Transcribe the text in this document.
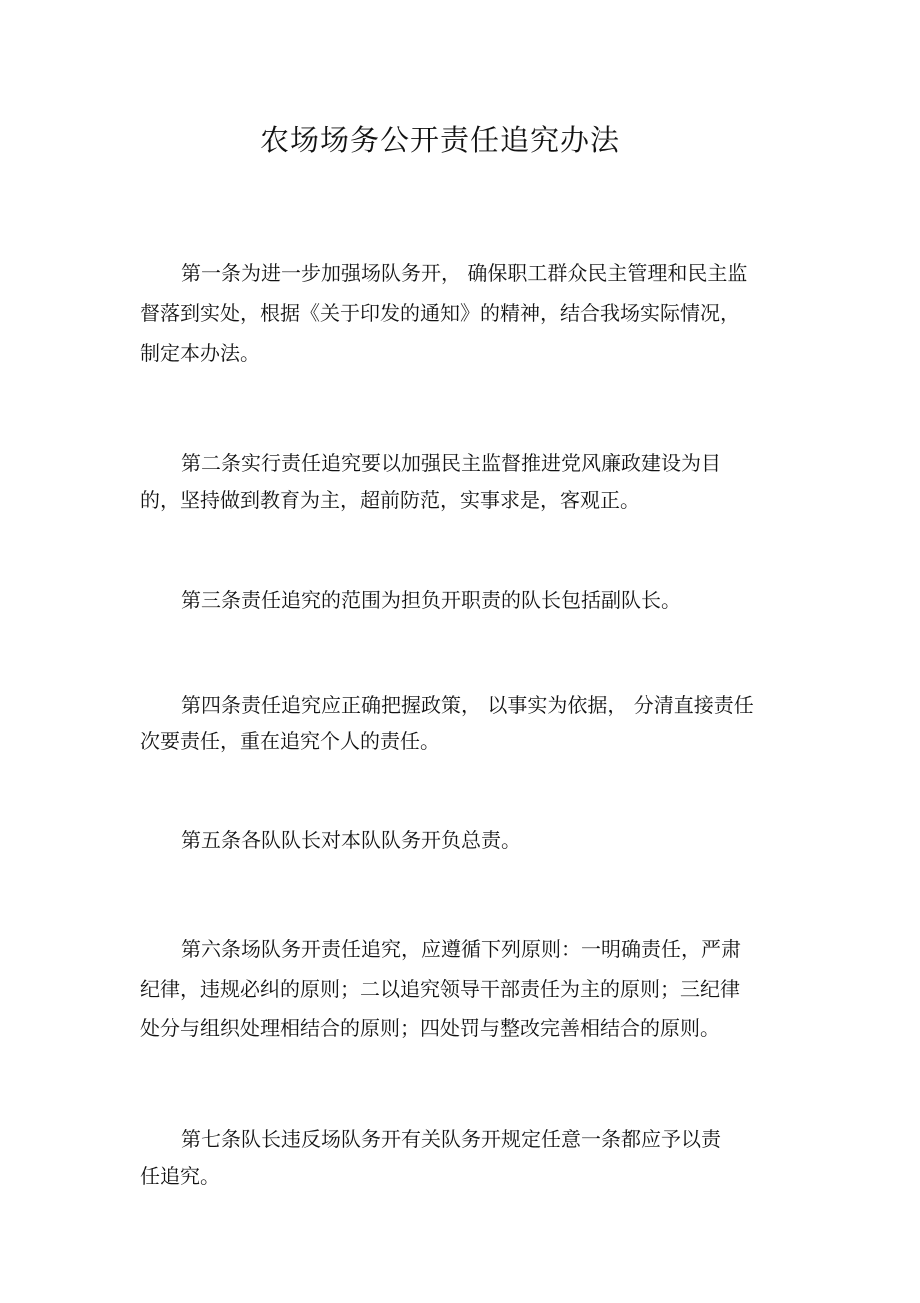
农场场务公开责任追究办法
第一条为进一步加强场队务开， 确保职工群众民主管理和民主监
督落到实处，根据《关于印发的通知》的精神，结合我场实际情况，
制定本办法。
第二条实行责任追究要以加强民主监督推进党风廉政建设为目
的，坚持做到教育为主，超前防范，实事求是，客观正。
第三条责任追究的范围为担负开职责的队长包括副队长。
第四条责任追究应正确把握政策， 以事实为依据， 分清直接责任
次要责任，重在追究个人的责任。
第五条各队队长对本队队务开负总责。
第六条场队务开责任追究，应遵循下列原则：一明确责任，严肃
纪律，违规必纠的原则；二以追究领导干部责任为主的原则；三纪律
处分与组织处理相结合的原则；四处罚与整改完善相结合的原则。
第七条队长违反场队务开有关队务开规定任意一条都应予以责
任追究。
